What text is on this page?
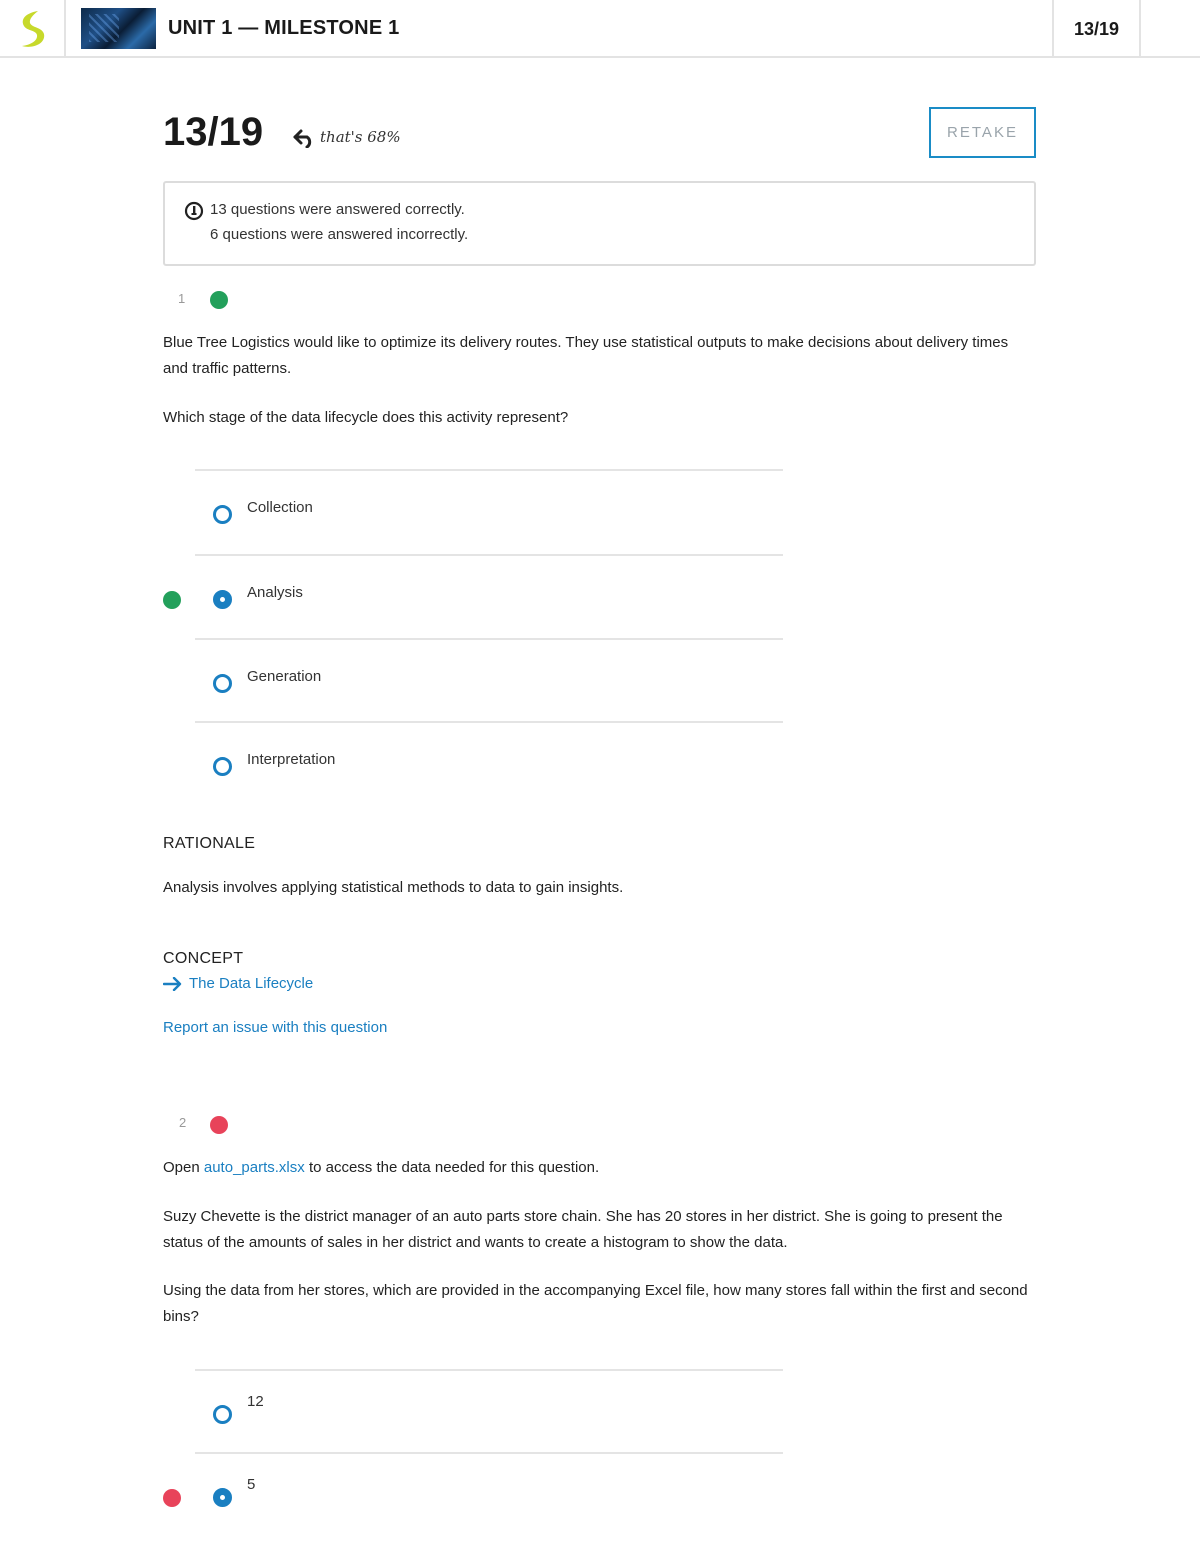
UNIT 1 — MILESTONE 1	13/19
13/19	that's 68%	RETAKE
13 questions were answered correctly.
6 questions were answered incorrectly.
1
Blue Tree Logistics would like to optimize its delivery routes. They use statistical outputs to make decisions about delivery times and traffic patterns.
Which stage of the data lifecycle does this activity represent?
Collection
Analysis
Generation
Interpretation
RATIONALE
Analysis involves applying statistical methods to data to gain insights.
CONCEPT
The Data Lifecycle
Report an issue with this question
2
Open auto_parts.xlsx to access the data needed for this question.
Suzy Chevette is the district manager of an auto parts store chain. She has 20 stores in her district. She is going to present the status of the amounts of sales in her district and wants to create a histogram to show the data.
Using the data from her stores, which are provided in the accompanying Excel file, how many stores fall within the first and second bins?
12
5
